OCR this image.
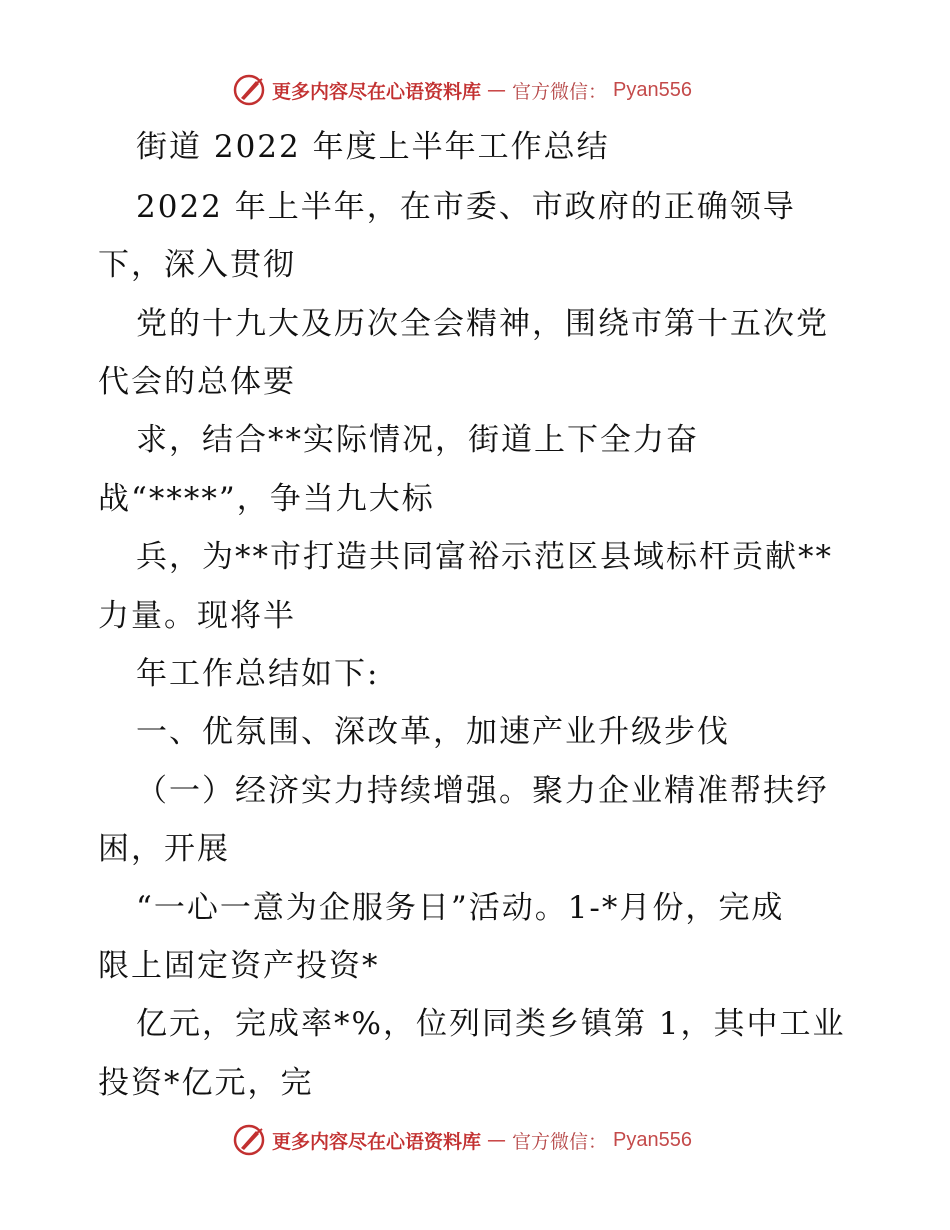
更多内容尽在心语资料库 — 官方微信： Pyan556
街道 2022 年度上半年工作总结
2022 年上半年，在市委、市政府的正确领导
下，深入贯彻
党的十九大及历次全会精神，围绕市第十五次党
代会的总体要
求，结合**实际情况，街道上下全力奋
战“****”，争当九大标
兵，为**市打造共同富裕示范区县域标杆贡献**
力量。现将半
年工作总结如下:
一、优氛围、深改革，加速产业升级步伐
（一）经济实力持续增强。聚力企业精准帮扶纾
困，开展
“一心一意为企服务日”活动。1-*月份，完成
限上固定资产投资*
亿元，完成率*%，位列同类乡镇第 1，其中工业
投资*亿元，完
更多内容尽在心语资料库 — 官方微信： Pyan556
